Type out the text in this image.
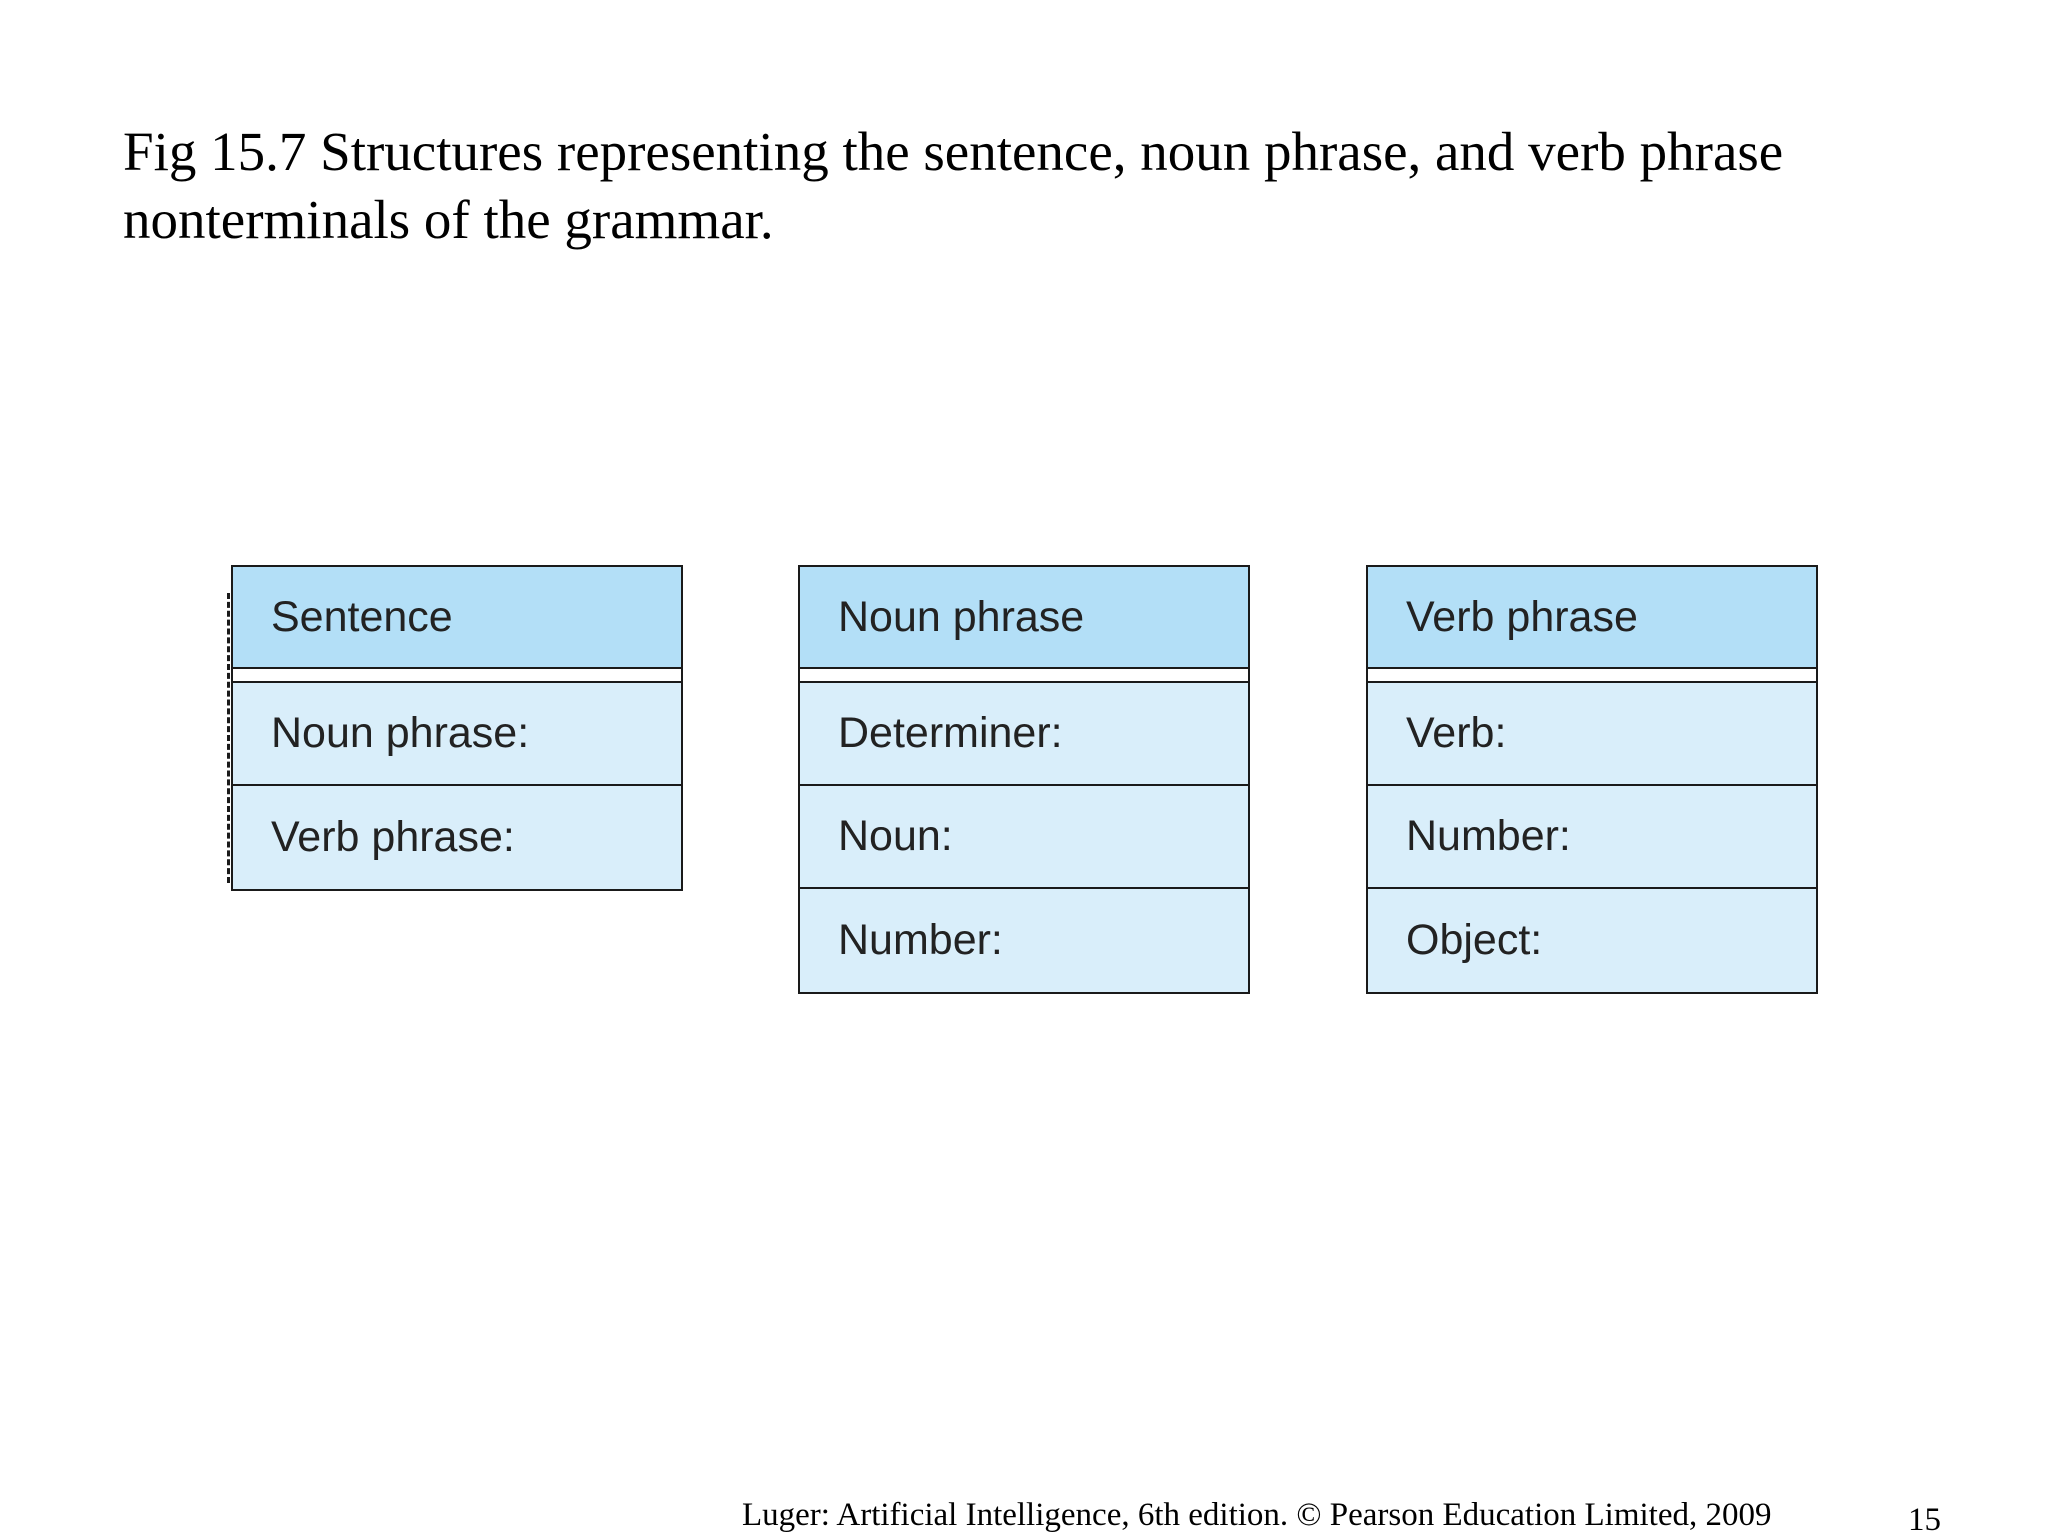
Fig 15.7 Structures representing the sentence, noun phrase, and verb phrase nonterminals of the grammar.
Sentence
Noun phrase:
Verb phrase:
Noun phrase
Determiner:
Noun:
Number:
Verb phrase
Verb:
Number:
Object:
Luger: Artificial Intelligence, 6th edition. © Pearson Education Limited, 2009	15
